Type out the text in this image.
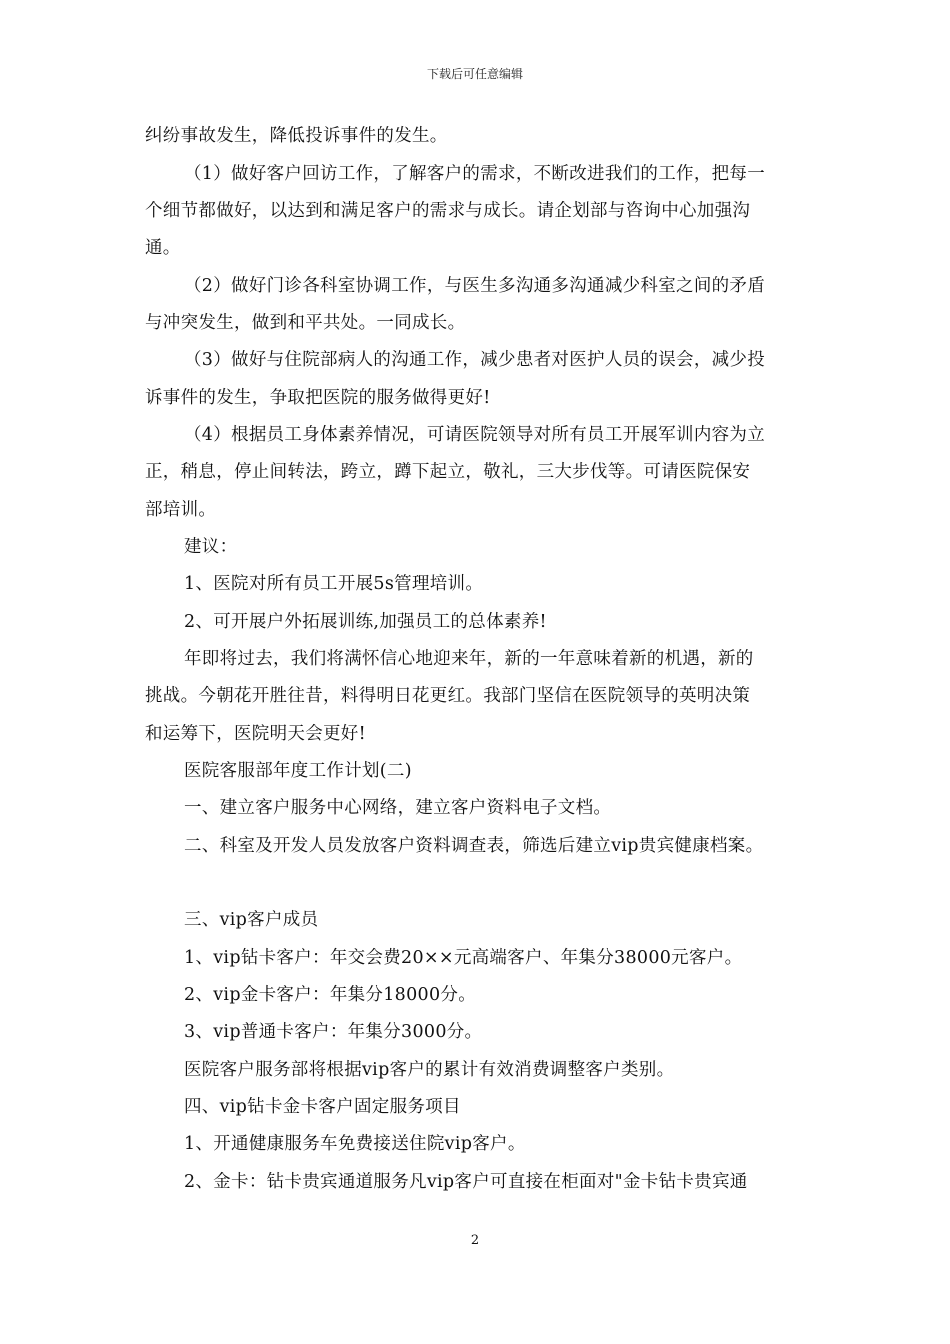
下载后可任意编辑
纠纷事故发生，降低投诉事件的发生。
（1）做好客户回访工作，了解客户的需求，不断改进我们的工作，把每一
个细节都做好，以达到和满足客户的需求与成长。请企划部与咨询中心加强沟
通。
（2）做好门诊各科室协调工作，与医生多沟通多沟通减少科室之间的矛盾
与冲突发生，做到和平共处。一同成长。
（3）做好与住院部病人的沟通工作，减少患者对医护人员的误会，减少投
诉事件的发生，争取把医院的服务做得更好!
（4）根据员工身体素养情况，可请医院领导对所有员工开展军训内容为立
正，稍息，停止间转法，跨立，蹲下起立，敬礼，三大步伐等。可请医院保安
部培训。
建议：
1、医院对所有员工开展5s管理培训。
2、可开展户外拓展训练,加强员工的总体素养!
年即将过去，我们将满怀信心地迎来年，新的一年意味着新的机遇，新的
挑战。今朝花开胜往昔，料得明日花更红。我部门坚信在医院领导的英明决策
和运筹下，医院明天会更好!
医院客服部年度工作计划(二)
一、建立客户服务中心网络，建立客户资料电子文档。
二、科室及开发人员发放客户资料调查表，筛选后建立vip贵宾健康档案。
三、vip客户成员
1、vip钻卡客户：年交会费20××元高端客户、年集分38000元客户。
2、vip金卡客户：年集分18000分。
3、vip普通卡客户：年集分3000分。
医院客户服务部将根据vip客户的累计有效消费调整客户类别。
四、vip钻卡金卡客户固定服务项目
1、开通健康服务车免费接送住院vip客户。
2、金卡：钻卡贵宾通道服务凡vip客户可直接在柜面对"金卡钻卡贵宾通
2
